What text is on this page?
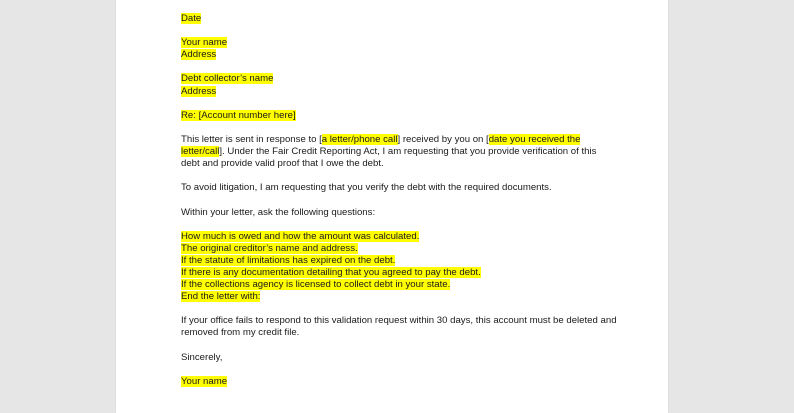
Date
Your name
Address
Debt collector’s name
Address
Re: [Account number here]
This letter is sent in response to [a letter/phone call] received by you on [date you received the
letter/call]. Under the Fair Credit Reporting Act, I am requesting that you provide verification of this
debt and provide valid proof that I owe the debt.
To avoid litigation, I am requesting that you verify the debt with the required documents.
Within your letter, ask the following questions:
How much is owed and how the amount was calculated.
The original creditor’s name and address.
If the statute of limitations has expired on the debt.
If there is any documentation detailing that you agreed to pay the debt.
If the collections agency is licensed to collect debt in your state.
End the letter with:
If your office fails to respond to this validation request within 30 days, this account must be deleted and
removed from my credit file.
Sincerely,
Your name
